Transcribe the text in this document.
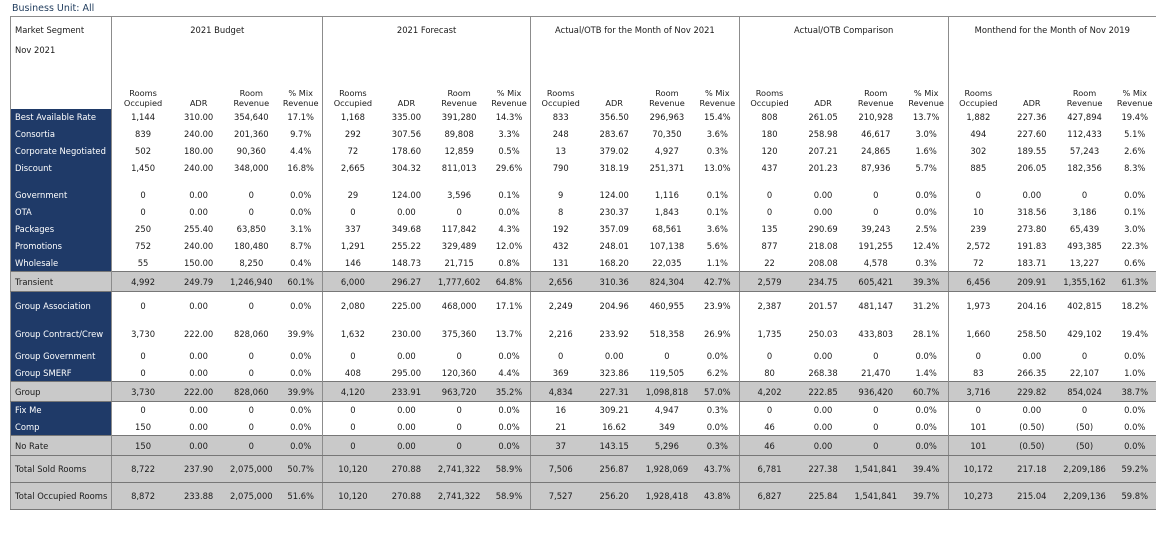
Business Unit: All
Market Segment	2021 Budget				2021 Forecast				Actual/OTB for the Month of Nov 2021				Actual/OTB Comparison				Monthend for the Month of Nov 2019			
Nov 2021																				
	Rooms Occupied	ADR	Room Revenue	% Mix Revenue	Rooms Occupied	ADR	Room Revenue	% Mix Revenue	Rooms Occupied	ADR	Room Revenue	% Mix Revenue	Rooms Occupied	ADR	Room Revenue	% Mix Revenue	Rooms Occupied	ADR	Room Revenue	% Mix Revenue
Best Available Rate	1,144	310.00	354,640	17.1%	1,168	335.00	391,280	14.3%	833	356.50	296,963	15.4%	808	261.05	210,928	13.7%	1,882	227.36	427,894	19.4%
Consortia	839	240.00	201,360	9.7%	292	307.56	89,808	3.3%	248	283.67	70,350	3.6%	180	258.98	46,617	3.0%	494	227.60	112,433	5.1%
Corporate Negotiated	502	180.00	90,360	4.4%	72	178.60	12,859	0.5%	13	379.02	4,927	0.3%	120	207.21	24,865	1.6%	302	189.55	57,243	2.6%
Discount	1,450	240.00	348,000	16.8%	2,665	304.32	811,013	29.6%	790	318.19	251,371	13.0%	437	201.23	87,936	5.7%	885	206.05	182,356	8.3%

Government	0	0.00	0	0.0%	29	124.00	3,596	0.1%	9	124.00	1,116	0.1%	0	0.00	0	0.0%	0	0.00	0	0.0%
OTA	0	0.00	0	0.0%	0	0.00	0	0.0%	8	230.37	1,843	0.1%	0	0.00	0	0.0%	10	318.56	3,186	0.1%
Packages	250	255.40	63,850	3.1%	337	349.68	117,842	4.3%	192	357.09	68,561	3.6%	135	290.69	39,243	2.5%	239	273.80	65,439	3.0%
Promotions	752	240.00	180,480	8.7%	1,291	255.22	329,489	12.0%	432	248.01	107,138	5.6%	877	218.08	191,255	12.4%	2,572	191.83	493,385	22.3%
Wholesale	55	150.00	8,250	0.4%	146	148.73	21,715	0.8%	131	168.20	22,035	1.1%	22	208.08	4,578	0.3%	72	183.71	13,227	0.6%
Transient	4,992	249.79	1,246,940	60.1%	6,000	296.27	1,777,602	64.8%	2,656	310.36	824,304	42.7%	2,579	234.75	605,421	39.3%	6,456	209.91	1,355,162	61.3%
Group Association	0	0.00	0	0.0%	2,080	225.00	468,000	17.1%	2,249	204.96	460,955	23.9%	2,387	201.57	481,147	31.2%	1,973	204.16	402,815	18.2%
Group Contract/Crew	3,730	222.00	828,060	39.9%	1,632	230.00	375,360	13.7%	2,216	233.92	518,358	26.9%	1,735	250.03	433,803	28.1%	1,660	258.50	429,102	19.4%
Group Government	0	0.00	0	0.0%	0	0.00	0	0.0%	0	0.00	0	0.0%	0	0.00	0	0.0%	0	0.00	0	0.0%
Group SMERF	0	0.00	0	0.0%	408	295.00	120,360	4.4%	369	323.86	119,505	6.2%	80	268.38	21,470	1.4%	83	266.35	22,107	1.0%
Group	3,730	222.00	828,060	39.9%	4,120	233.91	963,720	35.2%	4,834	227.31	1,098,818	57.0%	4,202	222.85	936,420	60.7%	3,716	229.82	854,024	38.7%
Fix Me	0	0.00	0	0.0%	0	0.00	0	0.0%	16	309.21	4,947	0.3%	0	0.00	0	0.0%	0	0.00	0	0.0%
Comp	150	0.00	0	0.0%	0	0.00	0	0.0%	21	16.62	349	0.0%	46	0.00	0	0.0%	101	(0.50)	(50)	0.0%
No Rate	150	0.00	0	0.0%	0	0.00	0	0.0%	37	143.15	5,296	0.3%	46	0.00	0	0.0%	101	(0.50)	(50)	0.0%
Total Sold Rooms	8,722	237.90	2,075,000	50.7%	10,120	270.88	2,741,322	58.9%	7,506	256.87	1,928,069	43.7%	6,781	227.38	1,541,841	39.4%	10,172	217.18	2,209,186	59.2%
Total Occupied Rooms	8,872	233.88	2,075,000	51.6%	10,120	270.88	2,741,322	58.9%	7,527	256.20	1,928,418	43.8%	6,827	225.84	1,541,841	39.7%	10,273	215.04	2,209,136	59.8%
